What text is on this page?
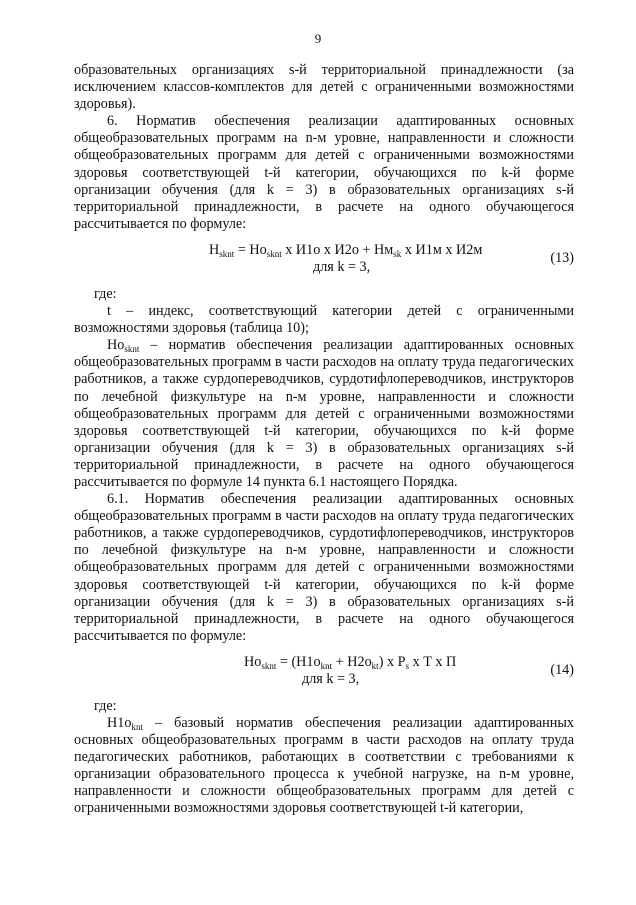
9

образовательных организациях s-й территориальной принадлежности (за исключением классов-комплектов для детей с ограниченными возможностями здоровья).

6. Норматив обеспечения реализации адаптированных основных общеобразовательных программ на n-м уровне, направленности и сложности общеобразовательных программ для детей с ограниченными возможностями здоровья соответствующей t-й категории, обучающихся по k-й форме организации обучения (для k = 3) в образовательных организациях s-й территориальной принадлежности, в расчете на одного обучающегося рассчитывается по формуле:

$Н_{sknt} = Но_{sknt}$ х И1о х $И2о + Нм_{sk}$ х И1м х И2м
для k = 3,
(13)

где:

t – индекс, соответствующий категории детей с ограниченными возможностями здоровья (таблица 10);

$Но_{sknt}$ – норматив обеспечения реализации адаптированных основных общеобразовательных программ в части расходов на оплату труда педагогических работников, а также сурдопереводчиков, сурдотифлопереводчиков, инструкторов по лечебной физкультуре на n-м уровне, направленности и сложности общеобразовательных программ для детей с ограниченными возможностями здоровья соответствующей t-й категории, обучающихся по k-й форме организации обучения (для k = 3) в образовательных организациях s-й территориальной принадлежности, в расчете на одного обучающегося рассчитывается по формуле 14 пункта 6.1 настоящего Порядка.

6.1. Норматив обеспечения реализации адаптированных основных общеобразовательных программ в части расходов на оплату труда педагогических работников, а также сурдопереводчиков, сурдотифлопереводчиков, инструкторов по лечебной физкультуре на n-м уровне, направленности и сложности общеобразовательных программ для детей с ограниченными возможностями здоровья соответствующей t-й категории, обучающихся по k-й форме организации обучения (для k = 3) в образовательных организациях s-й территориальной принадлежности, в расчете на одного обучающегося рассчитывается по формуле:

$Но_{sknt} = (Н1о_{knt} + Н2о_{kt})$ х $P_s$ х Т х П
для k = 3,
(14)

где:

$Н1о_{knt}$ – базовый норматив обеспечения реализации адаптированных основных общеобразовательных программ в части расходов на оплату труда педагогических работников, работающих в соответствии с требованиями к организации образовательного процесса к учебной нагрузке, на n-м уровне, направленности и сложности общеобразовательных программ для детей с ограниченными возможностями здоровья соответствующей t-й категории,
